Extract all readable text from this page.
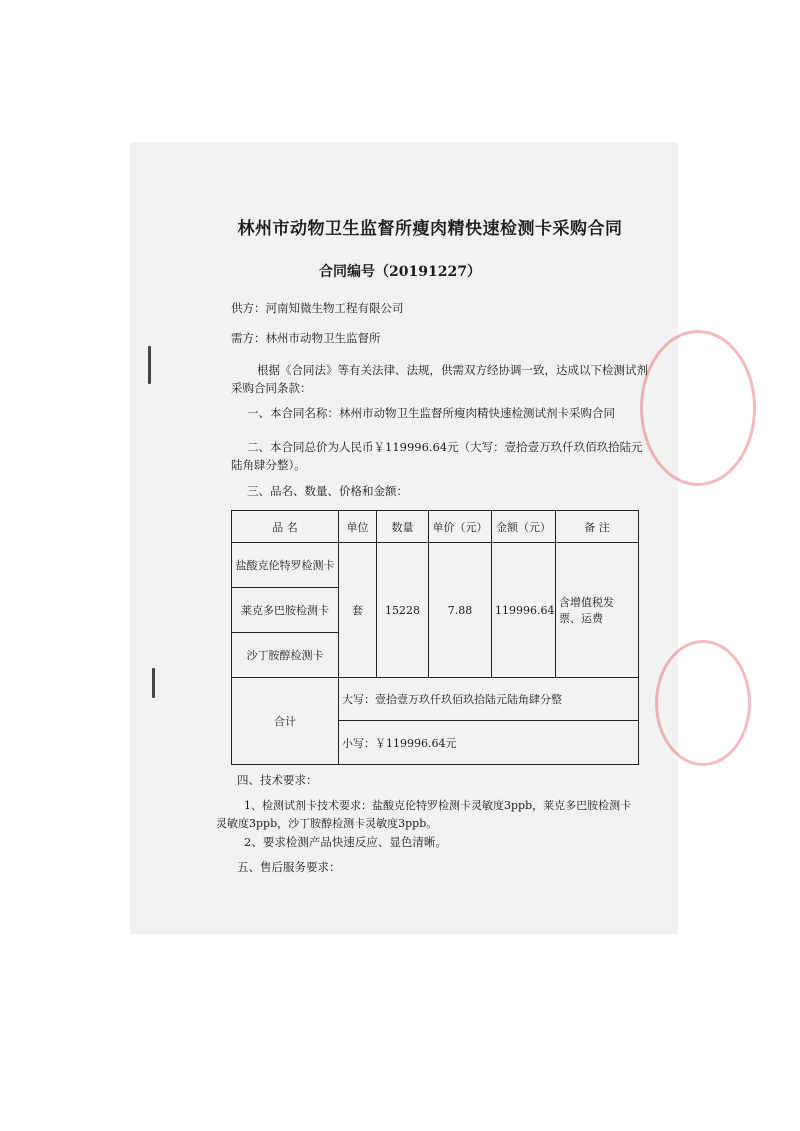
林州市动物卫生监督所瘦肉精快速检测卡采购合同
合同编号（20191227）
供方：河南知微生物工程有限公司
需方：林州市动物卫生监督所
根据《合同法》等有关法律、法规，供需双方经协调一致，达成以下检测试剂采购合同条款：
一、本合同名称：林州市动物卫生监督所瘦肉精快速检测试剂卡采购合同
二、本合同总价为人民币￥119996.64元（大写：壹拾壹万玖仟玖佰玖拾陆元陆角肆分整）。
三、品名、数量、价格和金额：
品 名	单位	数量	单价（元）	金额（元）	备 注
盐酸克伦特罗检测卡	套	15228	7.88	119996.64	含增值税发票、运费
莱克多巴胺检测卡					
沙丁胺醇检测卡					
合计	大写：壹拾壹万玖仟玖佰玖拾陆元陆角肆分整				
	小写：￥119996.64元				
四、技术要求：
1、检测试剂卡技术要求：盐酸克伦特罗检测卡灵敏度3ppb，莱克多巴胺检测卡灵敏度3ppb，沙丁胺醇检测卡灵敏度3ppb。
2、要求检测产品快速反应、显色清晰。
五、售后服务要求：
